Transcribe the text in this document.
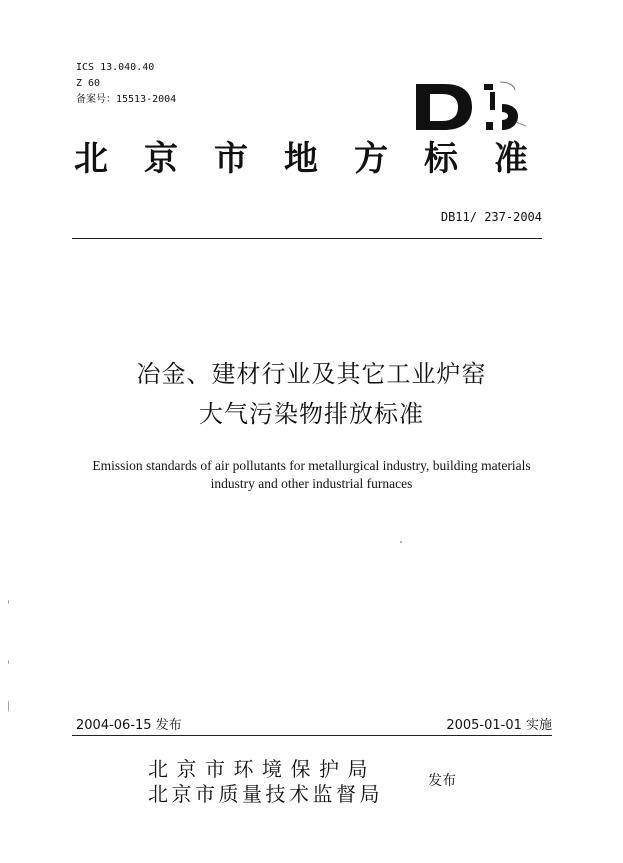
ICS 13.040.40
Z 60
备案号：15513-2004
北京市地方标准
DB11/ 237-2004
冶金、建材行业及其它工业炉窑
大气污染物排放标准
Emission standards of air pollutants for metallurgical industry, building materials
industry and other industrial furnaces
2004-06-15 发布	2005-01-01 实施
北京市环境保护局
北京市质量技术监督局
发布
